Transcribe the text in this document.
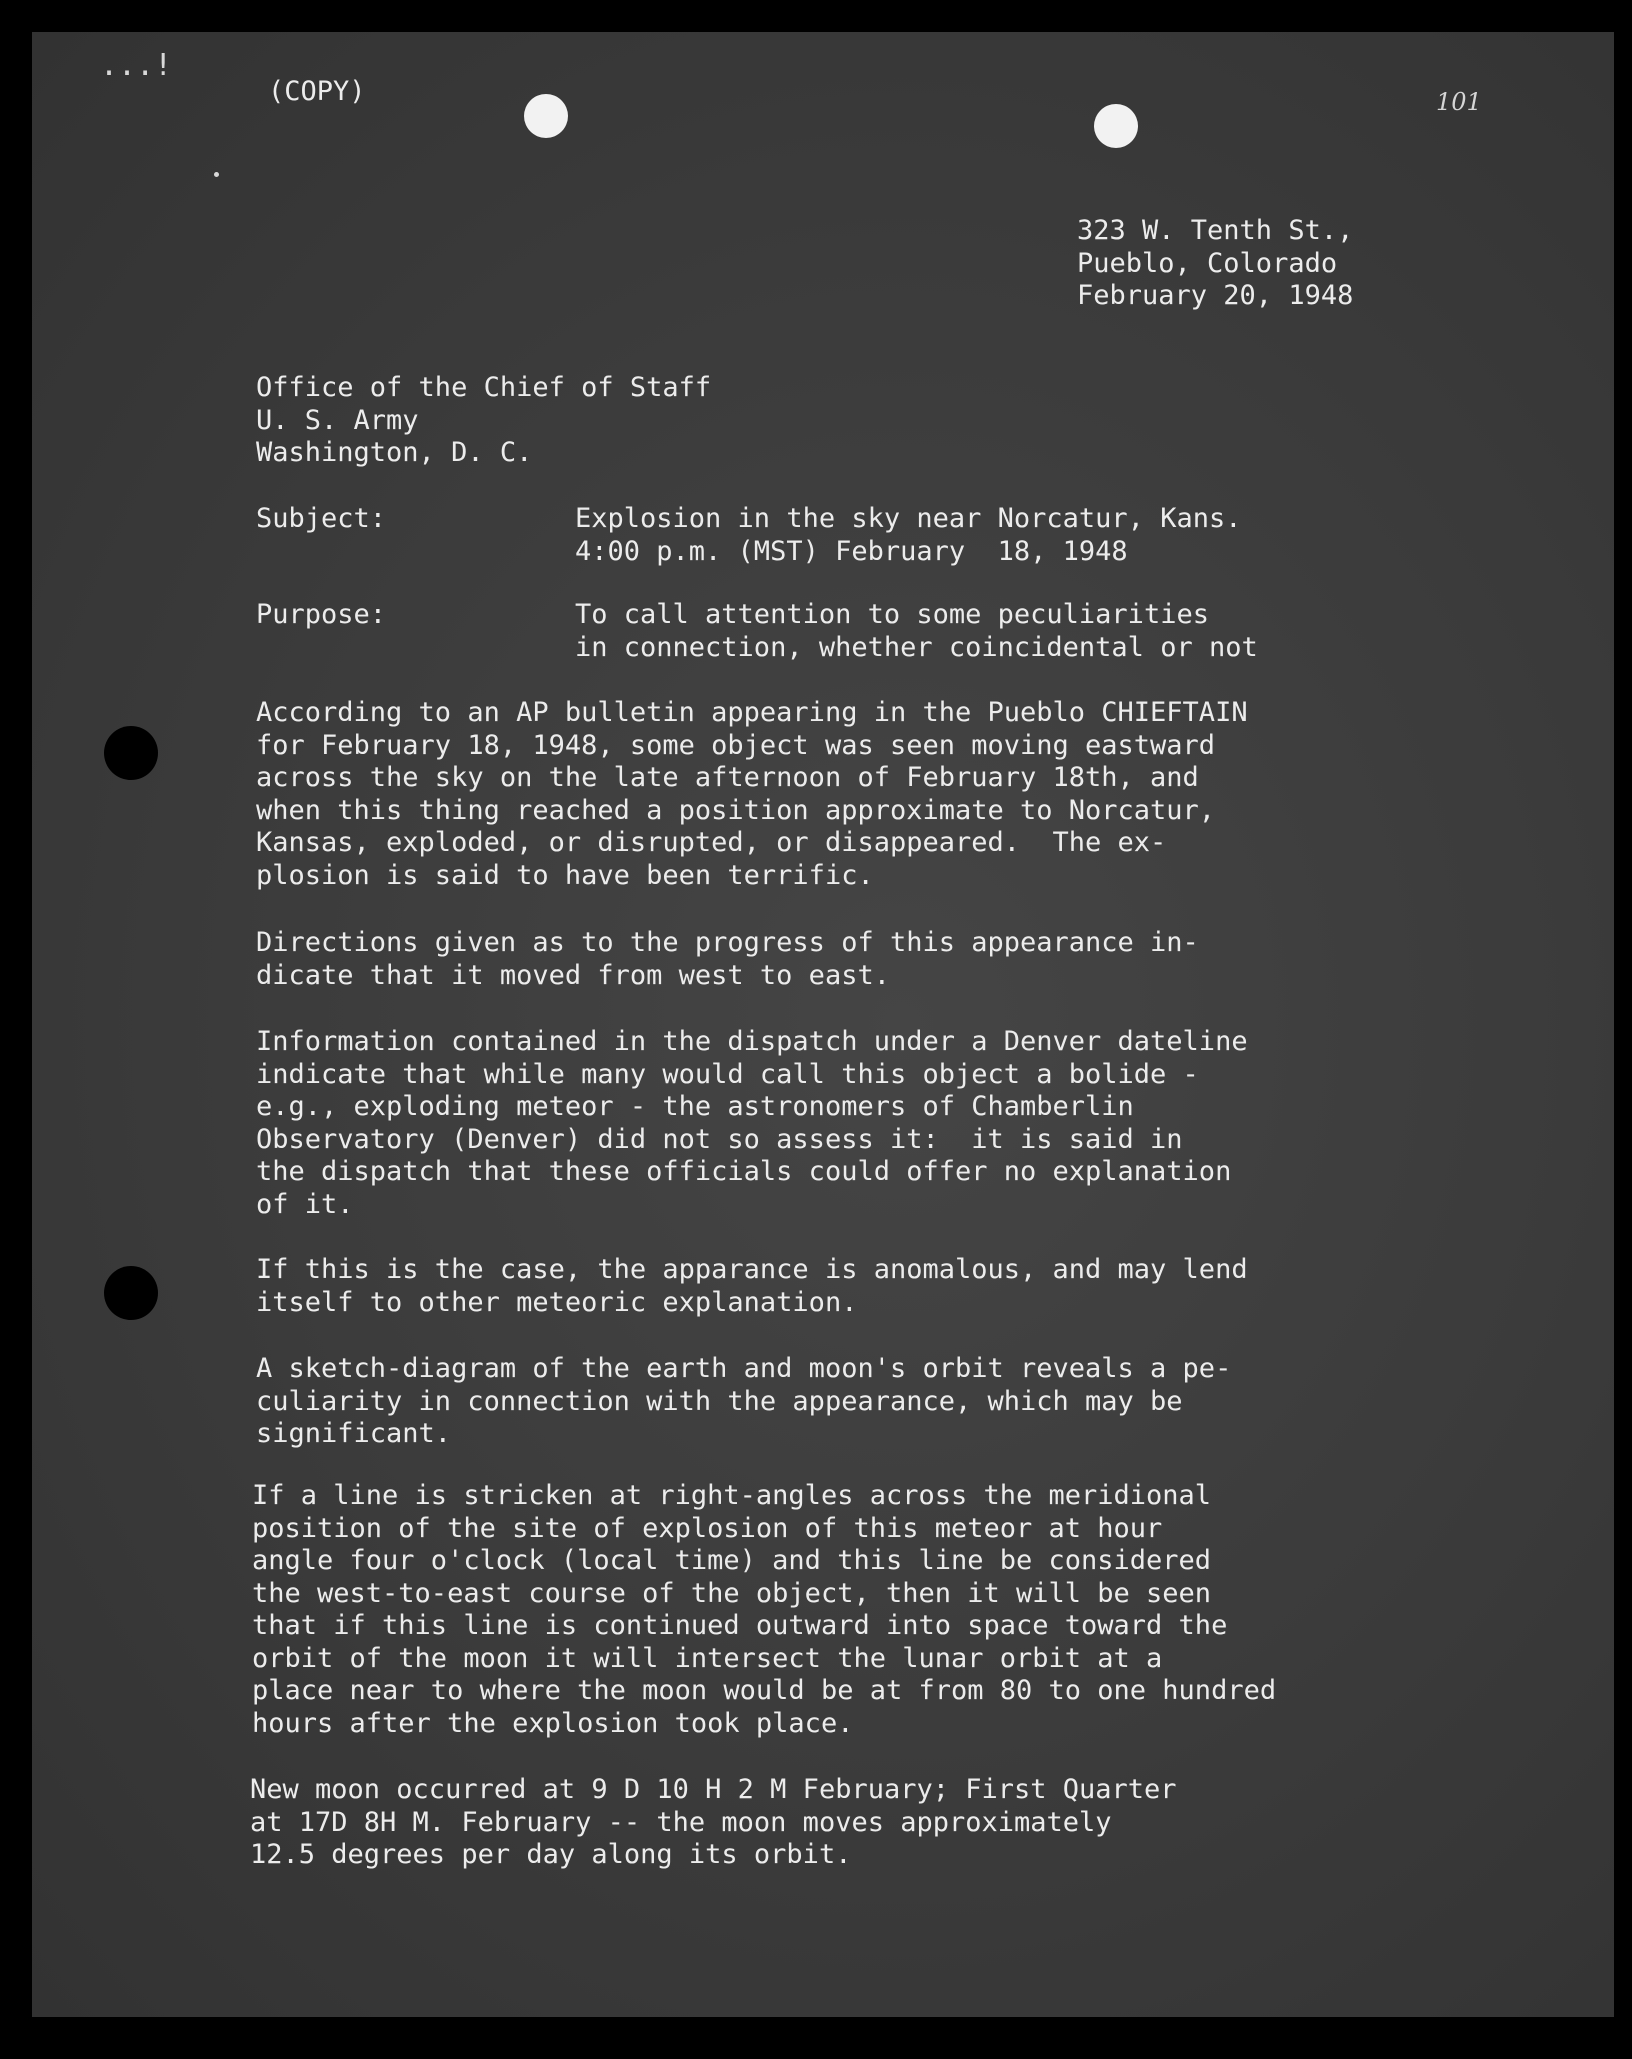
...!
(COPY)	101
323 W. Tenth St.,
Pueblo, Colorado
February 20, 1948
Office of the Chief of Staff
U. S. Army
Washington, D. C.
Subject:	Explosion in the sky near Norcatur, Kans.
4:00 p.m. (MST) February  18, 1948
Purpose:	To call attention to some peculiarities
in connection, whether coincidental or not
According to an AP bulletin appearing in the Pueblo CHIEFTAIN
for February 18, 1948, some object was seen moving eastward
across the sky on the late afternoon of February 18th, and
when this thing reached a position approximate to Norcatur,
Kansas, exploded, or disrupted, or disappeared.  The ex-
plosion is said to have been terrific.
Directions given as to the progress of this appearance in-
dicate that it moved from west to east.
Information contained in the dispatch under a Denver dateline
indicate that while many would call this object a bolide -
e.g., exploding meteor - the astronomers of Chamberlin
Observatory (Denver) did not so assess it:  it is said in
the dispatch that these officials could offer no explanation
of it.
If this is the case, the apparance is anomalous, and may lend
itself to other meteoric explanation.
A sketch-diagram of the earth and moon's orbit reveals a pe-
culiarity in connection with the appearance, which may be
significant.
If a line is stricken at right-angles across the meridional
position of the site of explosion of this meteor at hour
angle four o'clock (local time) and this line be considered
the west-to-east course of the object, then it will be seen
that if this line is continued outward into space toward the
orbit of the moon it will intersect the lunar orbit at a
place near to where the moon would be at from 80 to one hundred
hours after the explosion took place.
New moon occurred at 9 D 10 H 2 M February; First Quarter
at 17D 8H M. February -- the moon moves approximately
12.5 degrees per day along its orbit.
